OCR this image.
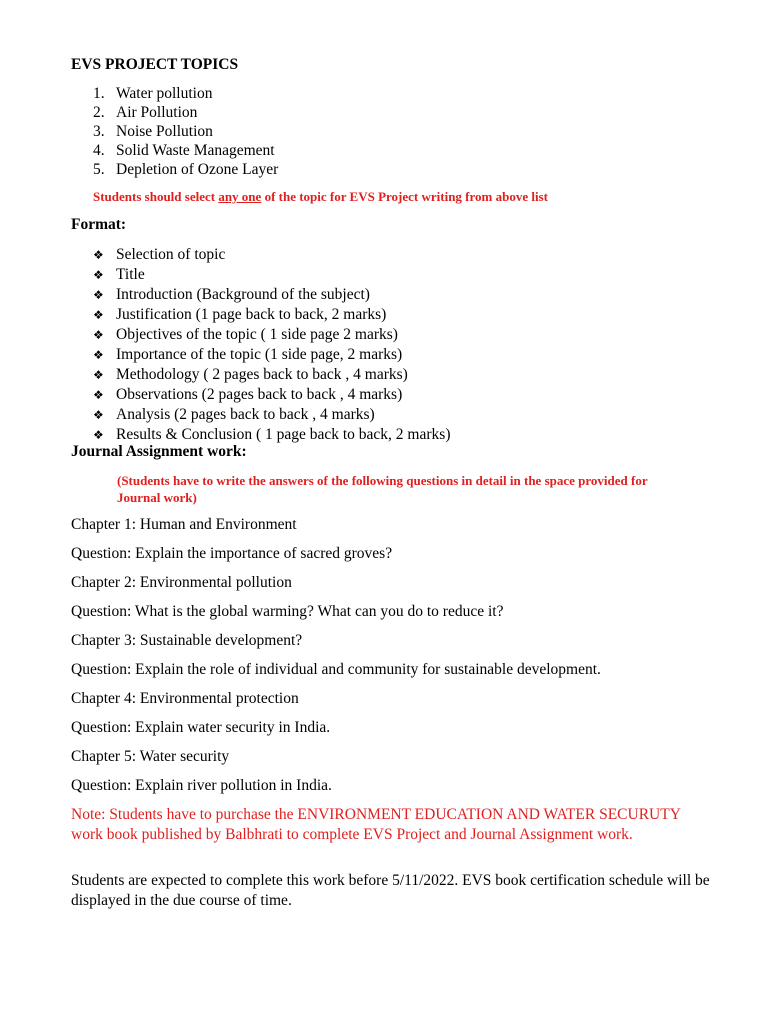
EVS PROJECT TOPICS
1. Water pollution
2. Air Pollution
3. Noise Pollution
4. Solid Waste Management
5. Depletion of Ozone Layer

Students should select any one of the topic for EVS Project writing from above list

Format:
❖ Selection of topic
❖ Title
❖ Introduction (Background of the subject)
❖ Justification (1 page back to back, 2 marks)
❖ Objectives of the topic ( 1 side page 2 marks)
❖ Importance of the topic (1 side page, 2 marks)
❖ Methodology ( 2 pages back to back , 4 marks)
❖ Observations (2 pages back to back , 4 marks)
❖ Analysis (2 pages back to back , 4 marks)
❖ Results & Conclusion ( 1 page back to back, 2 marks)
Journal Assignment work:

(Students have to write the answers of the following questions in detail in the space provided for Journal work)

Chapter 1: Human and Environment

Question: Explain the importance of sacred groves?

Chapter 2: Environmental pollution

Question: What is the global warming? What can you do to reduce it?

Chapter 3: Sustainable development?

Question: Explain the role of individual and community for sustainable development.

Chapter 4: Environmental protection

Question: Explain water security in India.

Chapter 5: Water security

Question: Explain river pollution in India.

Note: Students have to purchase the ENVIRONMENT EDUCATION AND WATER SECURUTY work book published by Balbhrati to complete EVS Project and Journal Assignment work.

Students are expected to complete this work before 5/11/2022. EVS book certification schedule will be displayed in the due course of time.
